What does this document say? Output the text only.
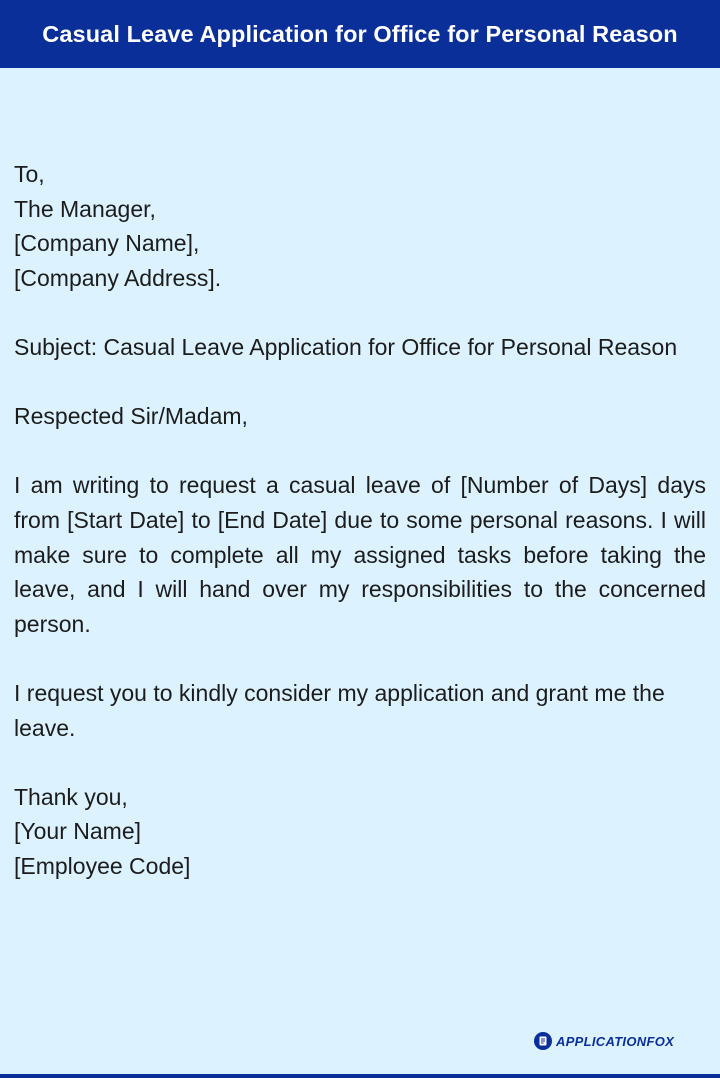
Casual Leave Application for Office for Personal Reason
To,
The Manager,
[Company Name],
[Company Address].
Subject: Casual Leave Application for Office for Personal Reason
Respected Sir/Madam,
I am writing to request a casual leave of [Number of Days] days from [Start Date] to [End Date] due to some personal reasons. I will make sure to complete all my assigned tasks before taking the leave, and I will hand over my responsibilities to the concerned person.
I request you to kindly consider my application and grant me the leave.
Thank you,
[Your Name]
[Employee Code]
APPLICATIONFOX
